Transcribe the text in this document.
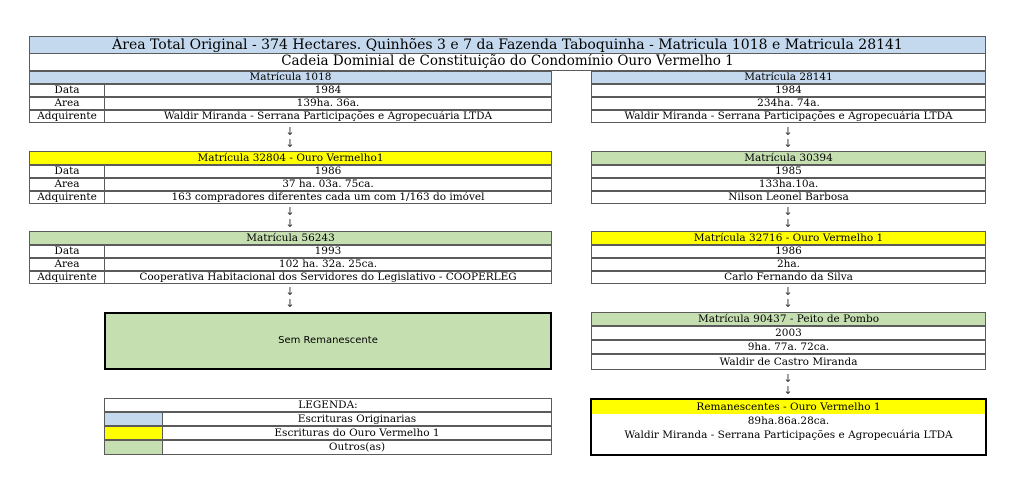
Área Total Original - 374 Hectares. Quinhões 3 e 7 da Fazenda Taboquinha - Matricula 1018 e Matricula 28141
Cadeia Dominial de Constituição do Condomínio Ouro Vermelho 1
Matrícula 1018
Data	1984
Área	139ha. 36a.
Adquirente	Waldir Miranda - Serrana Participações e Agropecuária LTDA
↓
↓
Matrícula 32804 - Ouro Vermelho1
Data	1986
Área	37 ha. 03a. 75ca.
Adquirente	163 compradores diferentes cada um com 1/163 do imóvel
↓
↓
Matrícula 56243
Data	1993
Área	102 ha. 32a. 25ca.
Adquirente	Cooperativa Habitacional dos Servidores do Legislativo - COOPERLEG
↓
↓
Sem Remanescente
Matrícula 28141
1984
234ha. 74a.
Waldir Miranda - Serrana Participações e Agropecuária LTDA
↓
↓
Matrícula 30394
1985
133ha.10a.
Nilson Leonel Barbosa
↓
↓
Matrícula 32716 - Ouro Vermelho 1
1986
2ha.
Carlo Fernando da Silva
↓
↓
Matrícula 90437 - Peito de Pombo
2003
9ha. 77a. 72ca.
Waldir de Castro Miranda
↓
↓
Remanescentes - Ouro Vermelho 1
89ha.86a.28ca.
Waldir Miranda - Serrana Participações e Agropecuária LTDA
LEGENDA:
Escrituras Originarias
Escrituras do Ouro Vermelho 1
Outros(as)
